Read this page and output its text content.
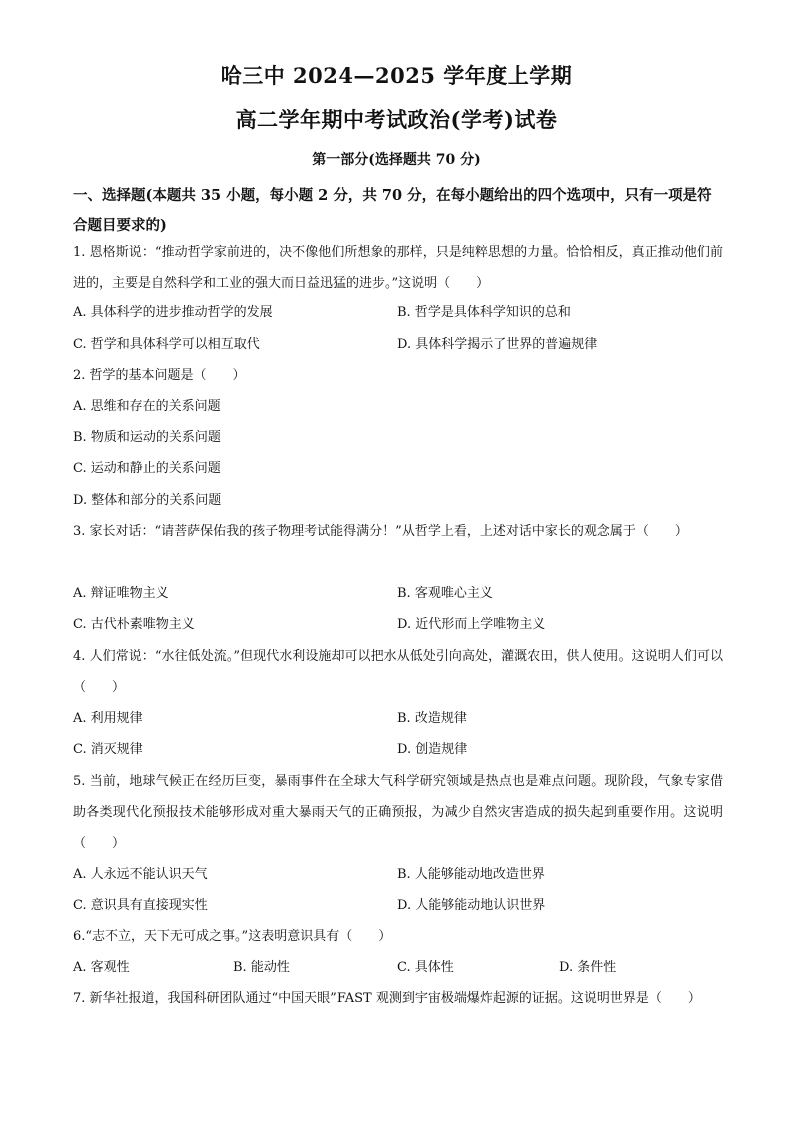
哈三中 2024—2025 学年度上学期
高二学年期中考试政治(学考)试卷
第一部分(选择题共 70 分)
一、选择题(本题共 35 小题，每小题 2 分，共 70 分，在每小题给出的四个选项中，只有一项是符合题目要求的)
1. 恩格斯说：“推动哲学家前进的，决不像他们所想象的那样，只是纯粹思想的力量。恰恰相反，真正推动他们前进的，主要是自然科学和工业的强大而日益迅猛的进步。”这说明（　　）
A. 具体科学的进步推动哲学的发展	B. 哲学是具体科学知识的总和
C. 哲学和具体科学可以相互取代	D. 具体科学揭示了世界的普遍规律
2. 哲学的基本问题是（　　）
A. 思维和存在的关系问题
B. 物质和运动的关系问题
C. 运动和静止的关系问题
D. 整体和部分的关系问题
3. 家长对话：“请菩萨保佑我的孩子物理考试能得满分！”从哲学上看，上述对话中家长的观念属于（　　）
A. 辩证唯物主义	B. 客观唯心主义
C. 古代朴素唯物主义	D. 近代形而上学唯物主义
4. 人们常说：“水往低处流。”但现代水利设施却可以把水从低处引向高处，灌溉农田，供人使用。这说明人们可以（　　）
A. 利用规律	B. 改造规律
C. 消灭规律	D. 创造规律
5. 当前，地球气候正在经历巨变，暴雨事件在全球大气科学研究领域是热点也是难点问题。现阶段，气象专家借助各类现代化预报技术能够形成对重大暴雨天气的正确预报，为减少自然灾害造成的损失起到重要作用。这说明（　　）
A. 人永远不能认识天气	B. 人能够能动地改造世界
C. 意识具有直接现实性	D. 人能够能动地认识世界
6.“志不立，天下无可成之事。”这表明意识具有（　　）
A. 客观性	B. 能动性	C. 具体性	D. 条件性
7. 新华社报道，我国科研团队通过“中国天眼”FAST 观测到宇宙极端爆炸起源的证据。这说明世界是（　　）
